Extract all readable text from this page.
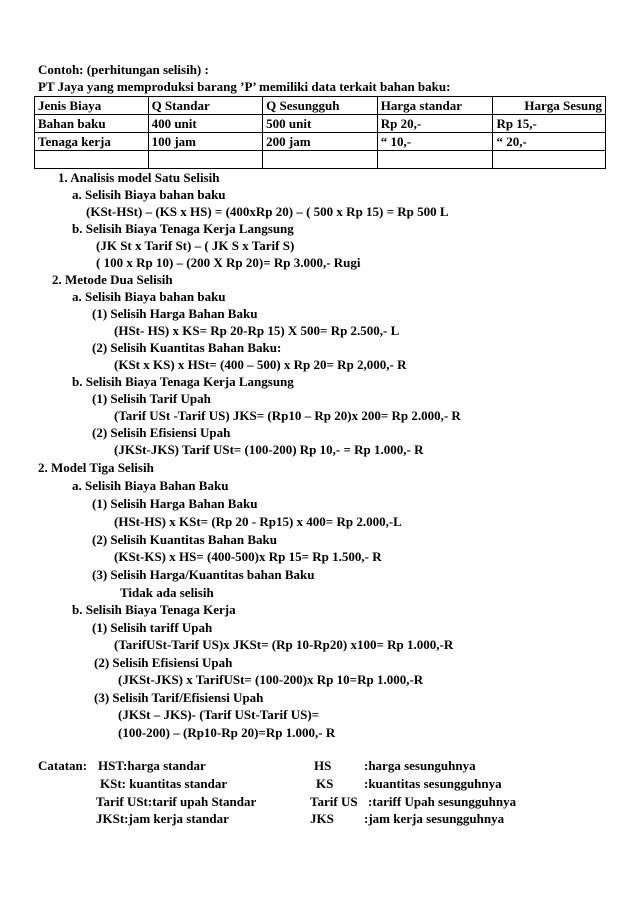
Contoh: (perhitungan selisih) :
PT Jaya yang memproduksi barang ’P’ memiliki data terkait bahan baku:
Jenis Biaya	Q Standar	Q Sesungguh	Harga standar	Harga Sesung
Bahan baku	400 unit	500 unit	Rp 20,-	Rp 15,-
Tenaga kerja	100 jam	200 jam	“ 10,-	“ 20,-

1. Analisis model Satu Selisih
a. Selisih Biaya bahan baku
(KSt-HSt) – (KS x HS) = (400xRp 20) – ( 500 x Rp 15) = Rp 500 L
b. Selisih Biaya Tenaga Kerja Langsung
(JK St x Tarif St) – ( JK S x Tarif S)
( 100 x Rp 10) – (200 X Rp 20)= Rp 3.000,- Rugi
2. Metode Dua Selisih
a. Selisih Biaya bahan baku
(1) Selisih Harga Bahan Baku
(HSt- HS) x KS= Rp 20-Rp 15) X 500= Rp 2.500,- L
(2) Selisih Kuantitas Bahan Baku:
(KSt x KS) x HSt= (400 – 500) x Rp 20= Rp 2,000,- R
b. Selisih Biaya Tenaga Kerja Langsung
(1) Selisih Tarif Upah
(Tarif USt -Tarif US) JKS= (Rp10 – Rp 20)x 200= Rp 2.000,- R
(2) Selisih Efisiensi Upah
(JKSt-JKS) Tarif USt= (100-200) Rp 10,- = Rp 1.000,- R
2. Model Tiga Selisih
a. Selisih Biaya Bahan Baku
(1) Selisih Harga Bahan Baku
(HSt-HS) x KSt= (Rp 20 - Rp15) x 400= Rp 2.000,-L
(2) Selisih Kuantitas Bahan Baku
(KSt-KS) x HS= (400-500)x Rp 15= Rp 1.500,- R
(3) Selisih Harga/Kuantitas bahan Baku
Tidak ada selisih
b. Selisih Biaya Tenaga Kerja
(1) Selisih tariff Upah
(TarifUSt-Tarif US)x JKSt= (Rp 10-Rp20) x100= Rp 1.000,-R
(2) Selisih Efisiensi Upah
(JKSt-JKS) x TarifUSt= (100-200)x Rp 10=Rp 1.000,-R
(3) Selisih Tarif/Efisiensi Upah
(JKSt – JKS)- (Tarif USt-Tarif US)=
(100-200) – (Rp10-Rp 20)=Rp 1.000,- R
Catatan: HST:harga standar	HS	:harga sesunguhnya
KSt: kuantitas standar	KS :kuantitas sesungguhnya
Tarif USt:tarif upah Standar	Tarif US :tariff Upah sesungguhnya
JKSt:jam kerja standar	JKS :jam kerja sesungguhnya
